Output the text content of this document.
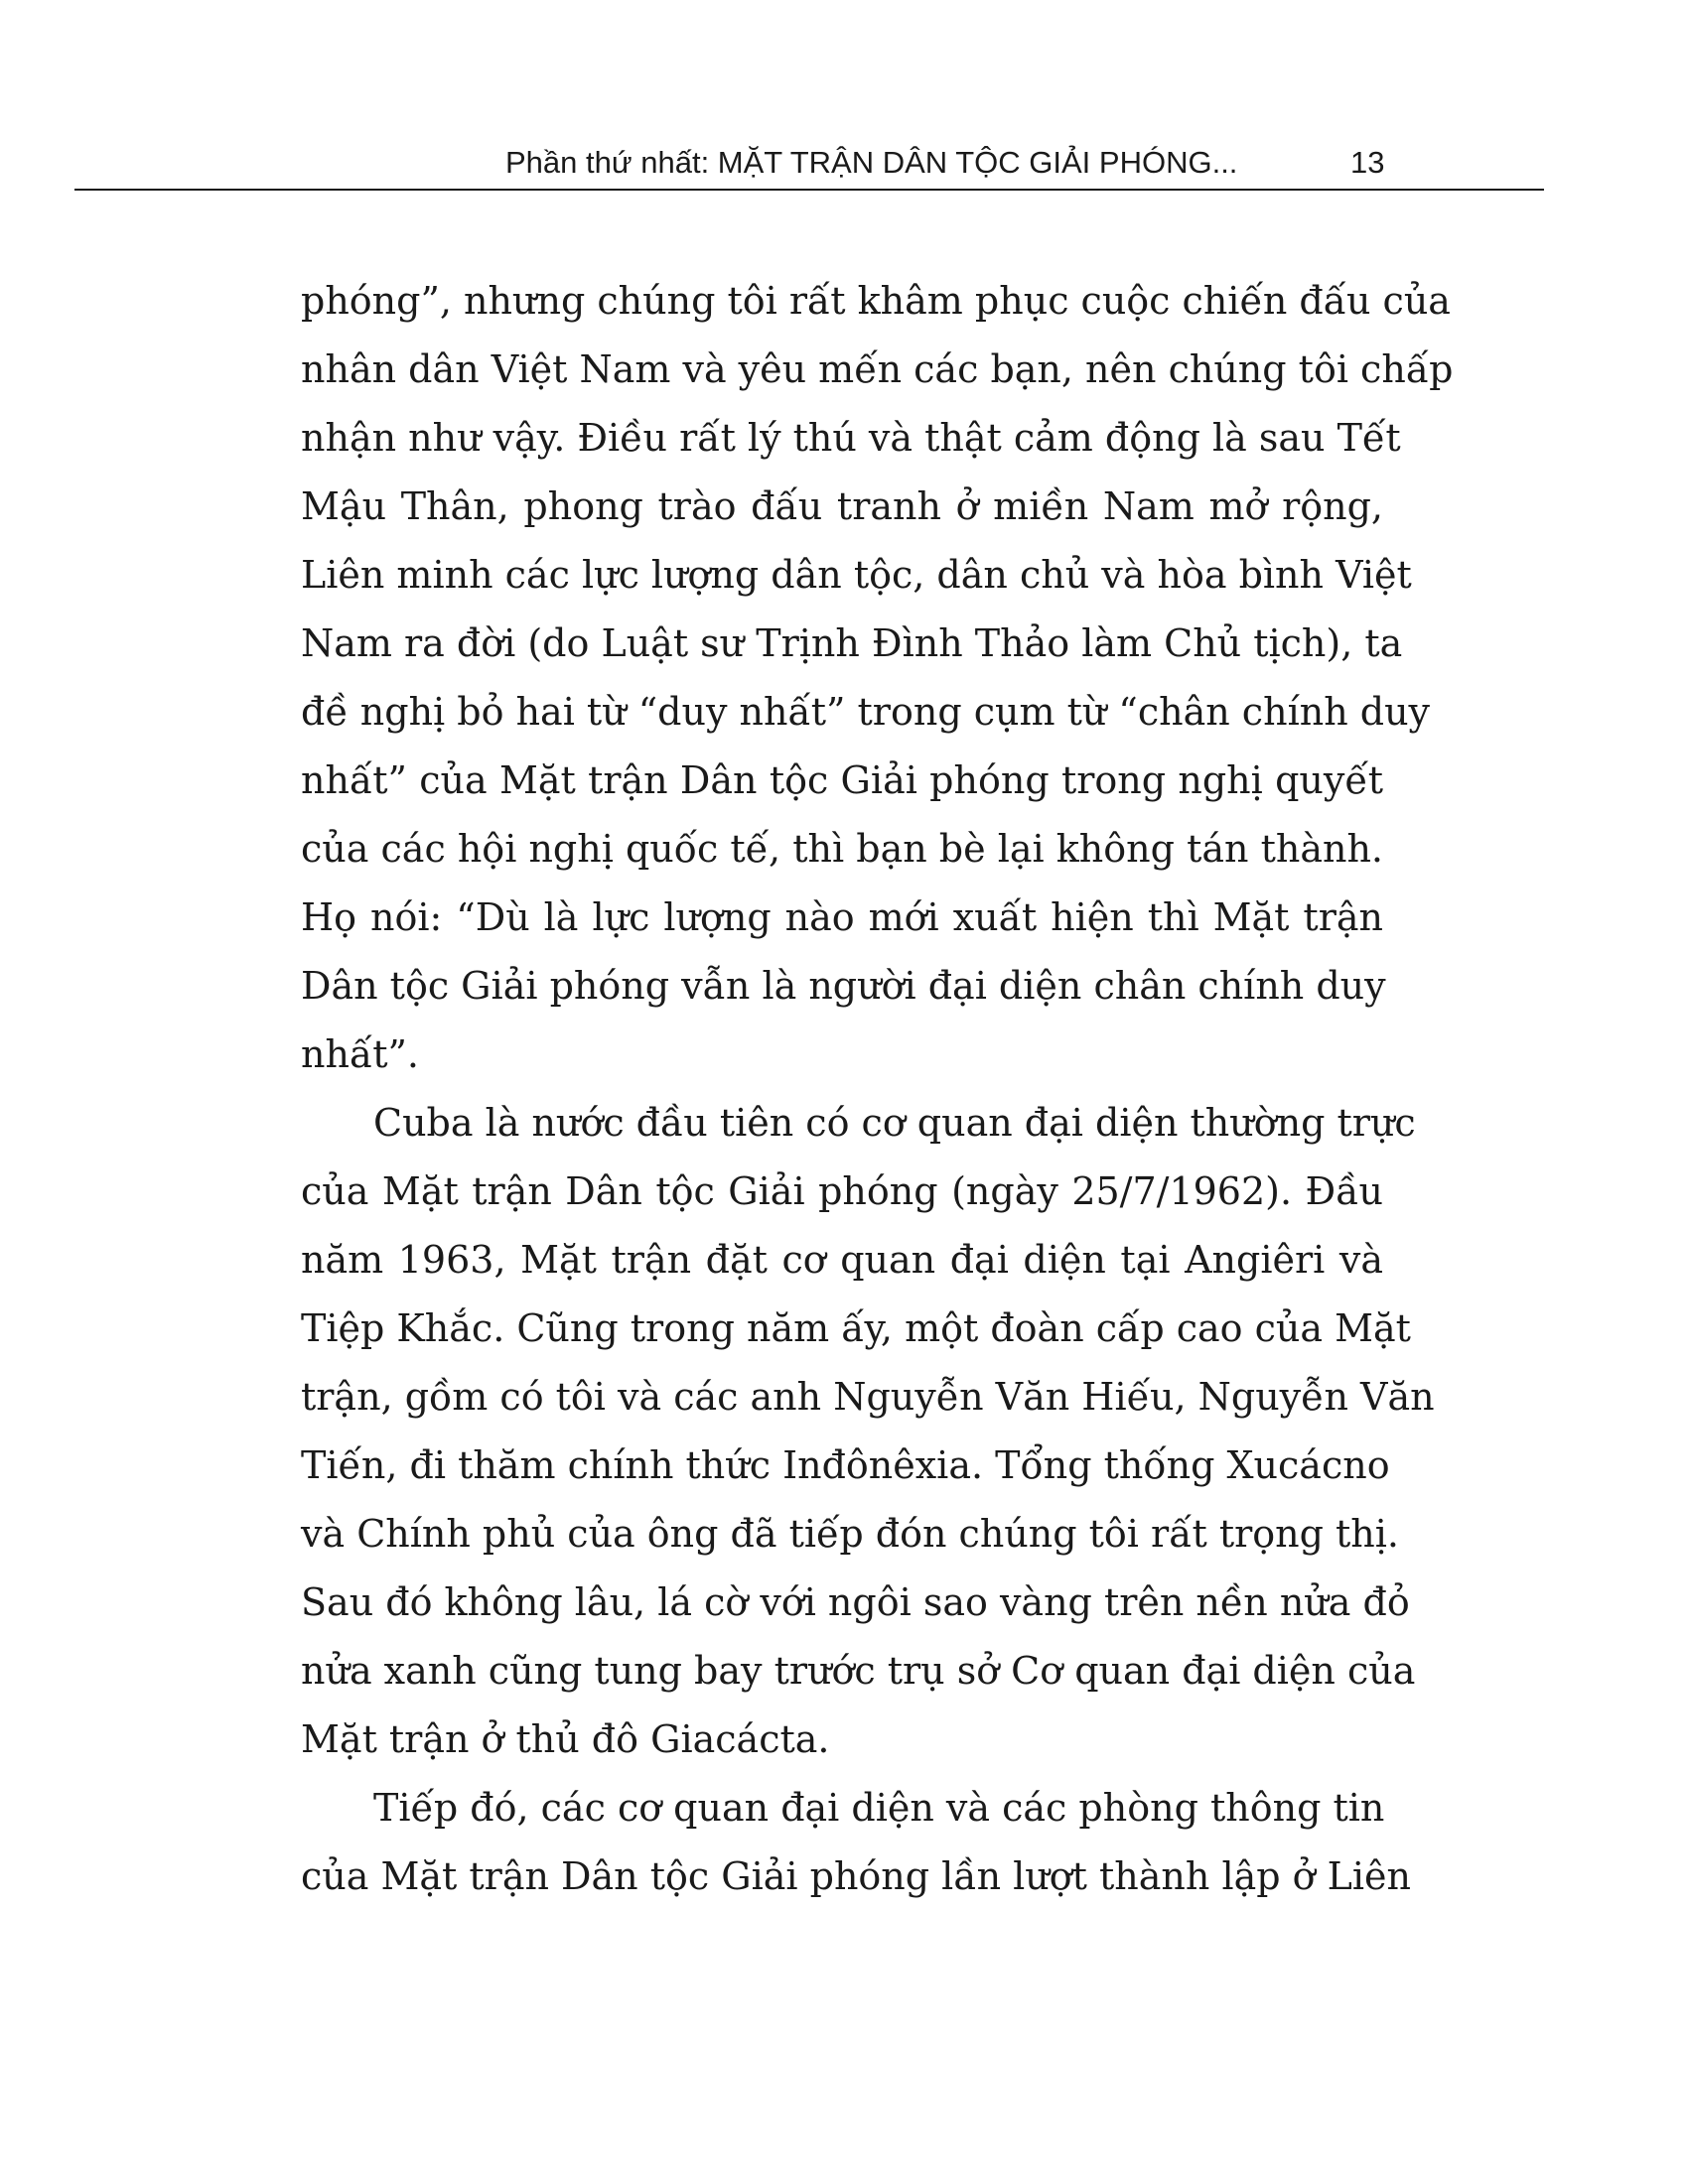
Phần thứ nhất: MẶT TRẬN DÂN TỘC GIẢI PHÓNG...	13
phóng”, nhưng chúng tôi rất khâm phục cuộc chiến đấu của
nhân dân Việt Nam và yêu mến các bạn, nên chúng tôi chấp
nhận như vậy. Điều rất lý thú và thật cảm động là sau Tết
Mậu Thân, phong trào đấu tranh ở miền Nam mở rộng,
Liên minh các lực lượng dân tộc, dân chủ và hòa bình Việt
Nam ra đời (do Luật sư Trịnh Đình Thảo làm Chủ tịch), ta
đề nghị bỏ hai từ “duy nhất” trong cụm từ “chân chính duy
nhất” của Mặt trận Dân tộc Giải phóng trong nghị quyết
của các hội nghị quốc tế, thì bạn bè lại không tán thành.
Họ nói: “Dù là lực lượng nào mới xuất hiện thì Mặt trận
Dân tộc Giải phóng vẫn là người đại diện chân chính duy
nhất”.
Cuba là nước đầu tiên có cơ quan đại diện thường trực
của Mặt trận Dân tộc Giải phóng (ngày 25/7/1962). Đầu
năm 1963, Mặt trận đặt cơ quan đại diện tại Angiêri và
Tiệp Khắc. Cũng trong năm ấy, một đoàn cấp cao của Mặt
trận, gồm có tôi và các anh Nguyễn Văn Hiếu, Nguyễn Văn
Tiến, đi thăm chính thức Inđônêxia. Tổng thống Xucácno
và Chính phủ của ông đã tiếp đón chúng tôi rất trọng thị.
Sau đó không lâu, lá cờ với ngôi sao vàng trên nền nửa đỏ
nửa xanh cũng tung bay trước trụ sở Cơ quan đại diện của
Mặt trận ở thủ đô Giacácta.
Tiếp đó, các cơ quan đại diện và các phòng thông tin
của Mặt trận Dân tộc Giải phóng lần lượt thành lập ở Liên
